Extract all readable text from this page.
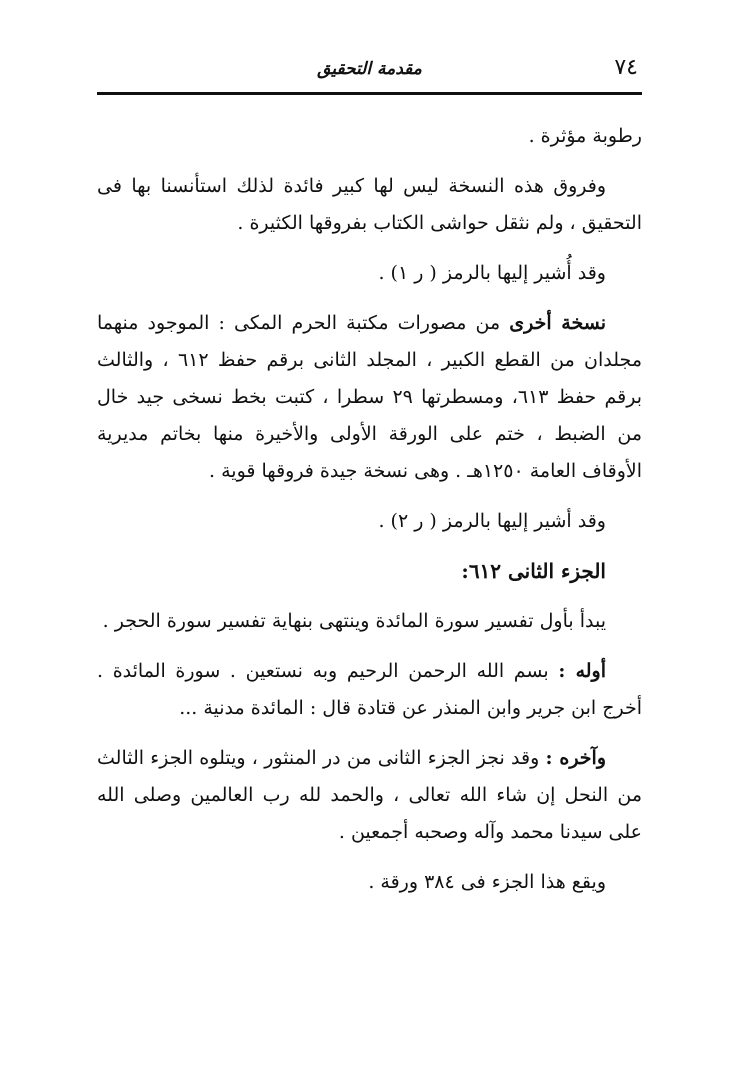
٧٤
مقدمة التحقيق

رطوبة مؤثرة .

وفروق هذه النسخة ليس لها كبير فائدة لذلك استأنسنا بها فى التحقيق ، ولم نثقل حواشى الكتاب بفروقها الكثيرة .

وقد أُشير إليها بالرمز ( ر ١) .

نسخة أخرى من مصورات مكتبة الحرم المكى : الموجود منهما مجلدان من القطع الكبير ، المجلد الثانى برقم حفظ ٦١٢ ، والثالث برقم حفظ ٦١٣، ومسطرتها ٢٩ سطرا ، كتبت بخط نسخى جيد خال من الضبط ، ختم على الورقة الأولى والأخيرة منها بخاتم مديرية الأوقاف العامة ١٢٥٠هـ . وهى نسخة جيدة فروقها قوية .

وقد أشير إليها بالرمز ( ر ٢) .

الجزء الثانى ٦١٢:

يبدأ بأول تفسير سورة المائدة وينتهى بنهاية تفسير سورة الحجر .

أوله : بسم الله الرحمن الرحيم وبه نستعين . سورة المائدة . أخرج ابن جرير وابن المنذر عن قتادة قال : المائدة مدنية ...

وآخره : وقد نجز الجزء الثانى من در المنثور ، ويتلوه الجزء الثالث من النحل إن شاء الله تعالى ، والحمد لله رب العالمين وصلى الله على سيدنا محمد وآله وصحبه أجمعين .

ويقع هذا الجزء فى ٣٨٤ ورقة .
